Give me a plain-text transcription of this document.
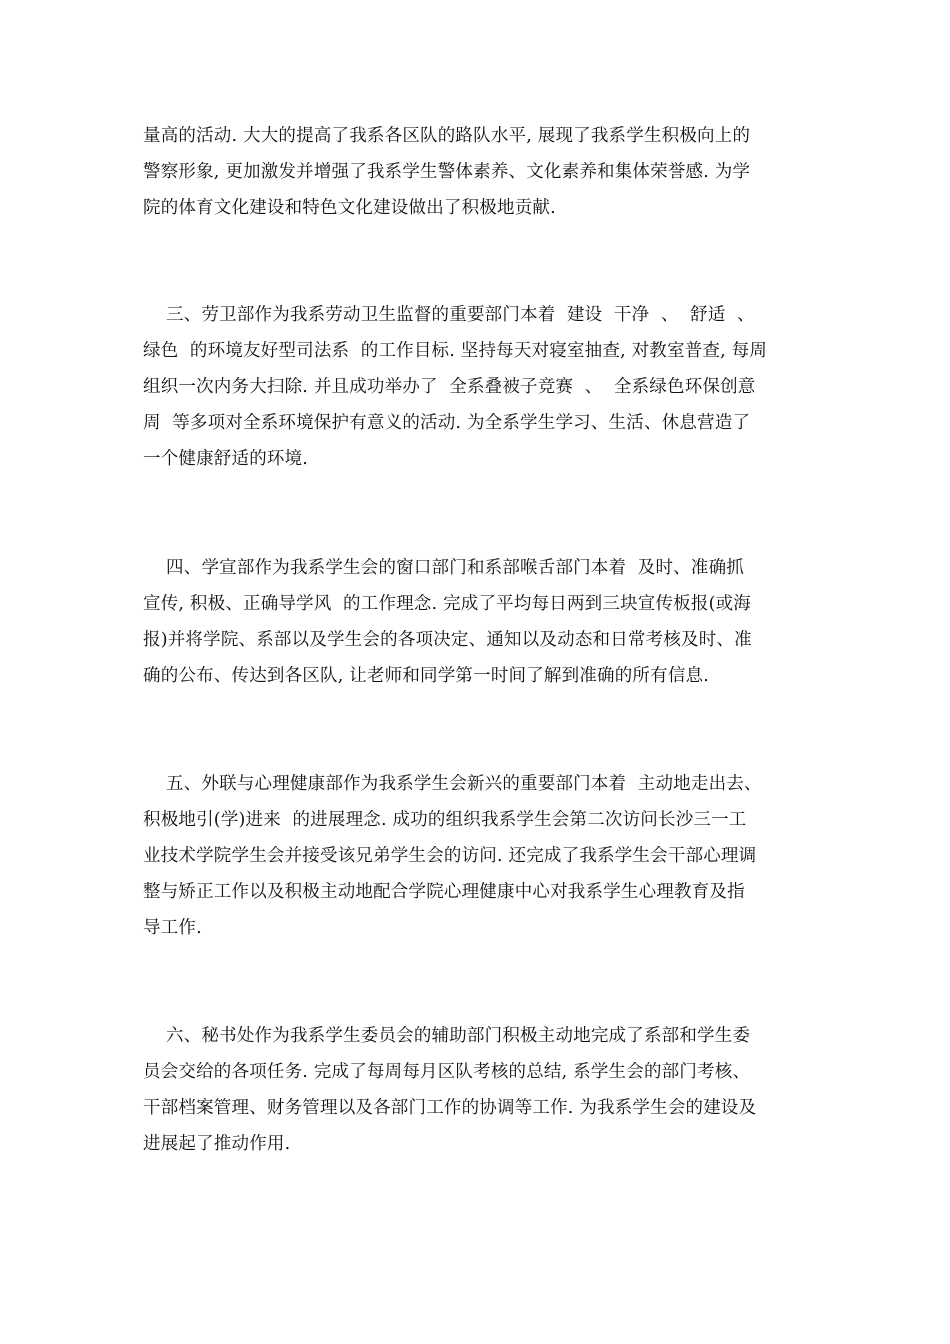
量高的活动. 大大的提高了我系各区队的路队水平, 展现了我系学生积极向上的
警察形象, 更加激发并增强了我系学生警体素养、文化素养和集体荣誉感. 为学
院的体育文化建设和特色文化建设做出了积极地贡献.
三、劳卫部作为我系劳动卫生监督的重要部门本着  建设  干净  、  舒适  、
绿色  的环境友好型司法系  的工作目标. 坚持每天对寝室抽查, 对教室普查, 每周
组织一次内务大扫除. 并且成功举办了  全系叠被子竞赛  、  全系绿色环保创意
周  等多项对全系环境保护有意义的活动. 为全系学生学习、生活、休息营造了
一个健康舒适的环境.
四、学宣部作为我系学生会的窗口部门和系部喉舌部门本着  及时、准确抓
宣传, 积极、正确导学风  的工作理念. 完成了平均每日两到三块宣传板报(或海
报)并将学院、系部以及学生会的各项决定、通知以及动态和日常考核及时、准
确的公布、传达到各区队, 让老师和同学第一时间了解到准确的所有信息.
五、外联与心理健康部作为我系学生会新兴的重要部门本着  主动地走出去、
积极地引(学)进来  的进展理念. 成功的组织我系学生会第二次访问长沙三一工
业技术学院学生会并接受该兄弟学生会的访问. 还完成了我系学生会干部心理调
整与矫正工作以及积极主动地配合学院心理健康中心对我系学生心理教育及指
导工作.
六、秘书处作为我系学生委员会的辅助部门积极主动地完成了系部和学生委
员会交给的各项任务. 完成了每周每月区队考核的总结, 系学生会的部门考核、
干部档案管理、财务管理以及各部门工作的协调等工作. 为我系学生会的建设及
进展起了推动作用.
